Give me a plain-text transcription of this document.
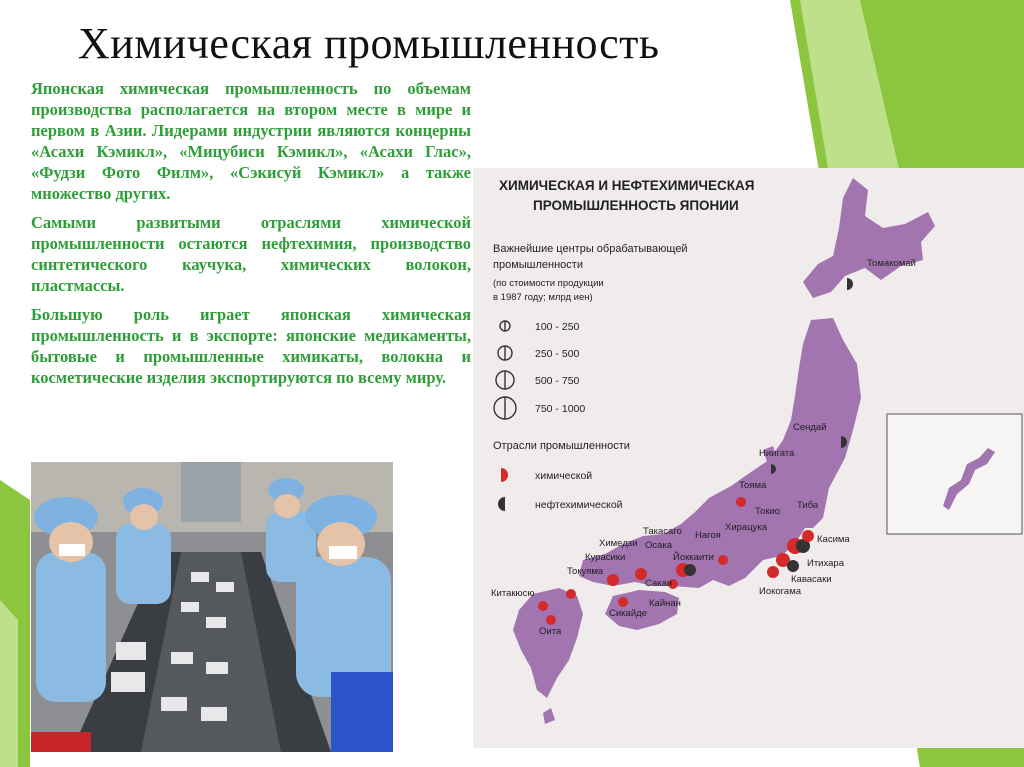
Химическая промышленность

Японская химическая промышленность по объемам производства располагается на втором месте в мире и первом в Азии. Лидерами индустрии являются концерны «Асахи Кэмикл», «Мицубиси Кэмикл», «Асахи Глас», «Фудзи Фото Филм», «Сэкисуй Кэмикл» а также множество других.

Самыми развитыми отраслями химической промышленности остаются нефтехимия, производство синтетического каучука, химических волокон, пластмассы.

Большую роль играет японская химическая промышленность и в экспорте: японские медикаменты, бытовые и промышленные химикаты, волокна и косметические изделия экспортируются по всему миру.

ХИМИЧЕСКАЯ И НЕФТЕХИМИЧЕСКАЯ
ПРОМЫШЛЕННОСТЬ ЯПОНИИ
Важнейшие центры обрабатывающей
промышленности
(по стоимости продукции
в 1987 году; млрд иен)
100 - 250
250 - 500
500 - 750
750 - 1000
Отрасли промышленности
химической
нефтехимической
Томакомай
Сендай
Ниигата
Тояма
Токио
Тиба
Касима
Хирацука
Итихара
Кавасаки
Иокогама
Нагоя
Йоккаити
Кайнан
Сакаи
Осака
Такасаго
Химедзи
Курасики
Токуяма
Сикайде
Китакюсю
Оита
